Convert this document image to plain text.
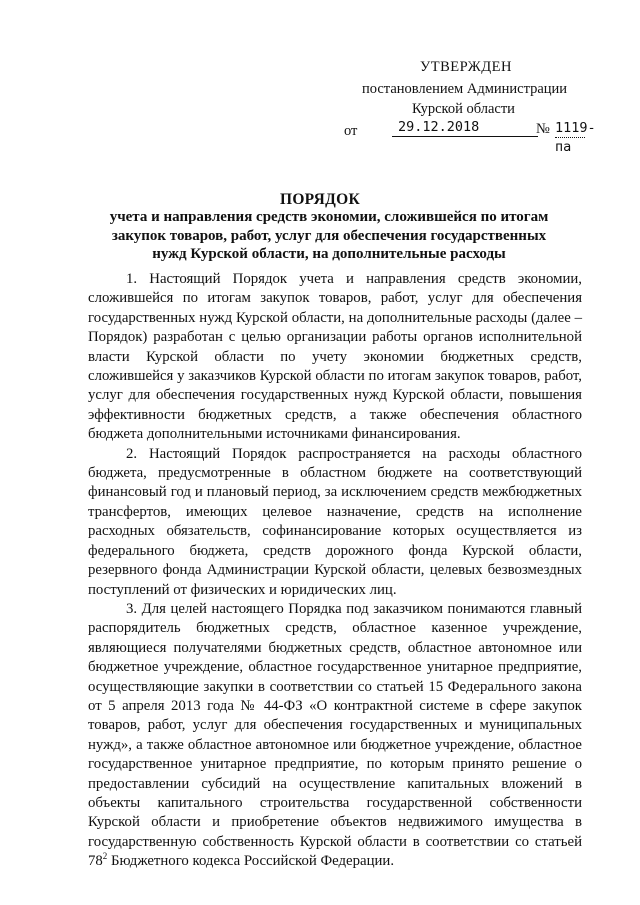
УТВЕРЖДЕН
постановлением Администрации
Курской области
от	29.12.2018	№ 1119-па
ПОРЯДОК
учета и направления средств экономии, сложившейся по итогам закупок товаров, работ, услуг для обеспечения государственных нужд Курской области, на дополнительные расходы

1. Настоящий Порядок учета и направления средств экономии, сложившейся по итогам закупок товаров, работ, услуг для обеспечения государственных нужд Курской области, на дополнительные расходы (далее – Порядок) разработан с целью организации работы органов исполнительной власти Курской области по учету экономии бюджетных средств, сложившейся у заказчиков Курской области по итогам закупок товаров, работ, услуг для обеспечения государственных нужд Курской области, повышения эффективности бюджетных средств, а также обеспечения областного бюджета дополнительными источниками финансирования.

2. Настоящий Порядок распространяется на расходы областного бюджета, предусмотренные в областном бюджете на соответствующий финансовый год и плановый период, за исключением средств межбюджетных трансфертов, имеющих целевое назначение, средств на исполнение расходных обязательств, софинансирование которых осуществляется из федерального бюджета, средств дорожного фонда Курской области, резервного фонда Администрации Курской области, целевых безвозмездных поступлений от физических и юридических лиц.

3. Для целей настоящего Порядка под заказчиком понимаются главный распорядитель бюджетных средств, областное казенное учреждение, являющиеся получателями бюджетных средств, областное автономное или бюджетное учреждение, областное государственное унитарное предприятие, осуществляющие закупки в соответствии со статьей 15 Федерального закона от 5 апреля 2013 года № 44-ФЗ «О контрактной системе в сфере закупок товаров, работ, услуг для обеспечения государственных и муниципальных нужд», а также областное автономное или бюджетное учреждение, областное государственное унитарное предприятие, по которым принято решение о предоставлении субсидий на осуществление капитальных вложений в объекты капитального строительства государственной собственности Курской области и приобретение объектов недвижимого имущества в государственную собственность Курской области в соответствии со статьей $78^2$ Бюджетного кодекса Российской Федерации.
